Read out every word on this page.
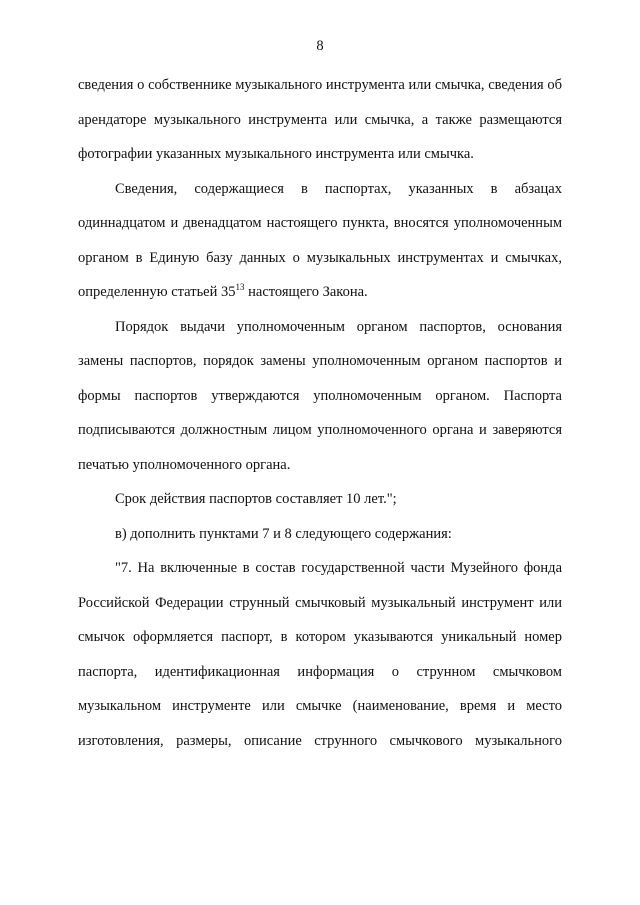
8

сведения о собственнике музыкального инструмента или смычка, сведения об арендаторе музыкального инструмента или смычка, а также размещаются фотографии указанных музыкального инструмента или смычка.

Сведения, содержащиеся в паспортах, указанных в абзацах одиннадцатом и двенадцатом настоящего пункта, вносятся уполномоченным органом в Единую базу данных о музыкальных инструментах и смычках, определенную статьей $35^{13}$ настоящего Закона.

Порядок выдачи уполномоченным органом паспортов, основания замены паспортов, порядок замены уполномоченным органом паспортов и формы паспортов утверждаются уполномоченным органом. Паспорта подписываются должностным лицом уполномоченного органа и заверяются печатью уполномоченного органа.

Срок действия паспортов составляет 10 лет.";

в) дополнить пунктами 7 и 8 следующего содержания:

"7. На включенные в состав государственной части Музейного фонда Российской Федерации струнный смычковый музыкальный инструмент или смычок оформляется паспорт, в котором указываются уникальный номер паспорта, идентификационная информация о струнном смычковом музыкальном инструменте или смычке (наименование, время и место изготовления, размеры, описание струнного смычкового музыкального
